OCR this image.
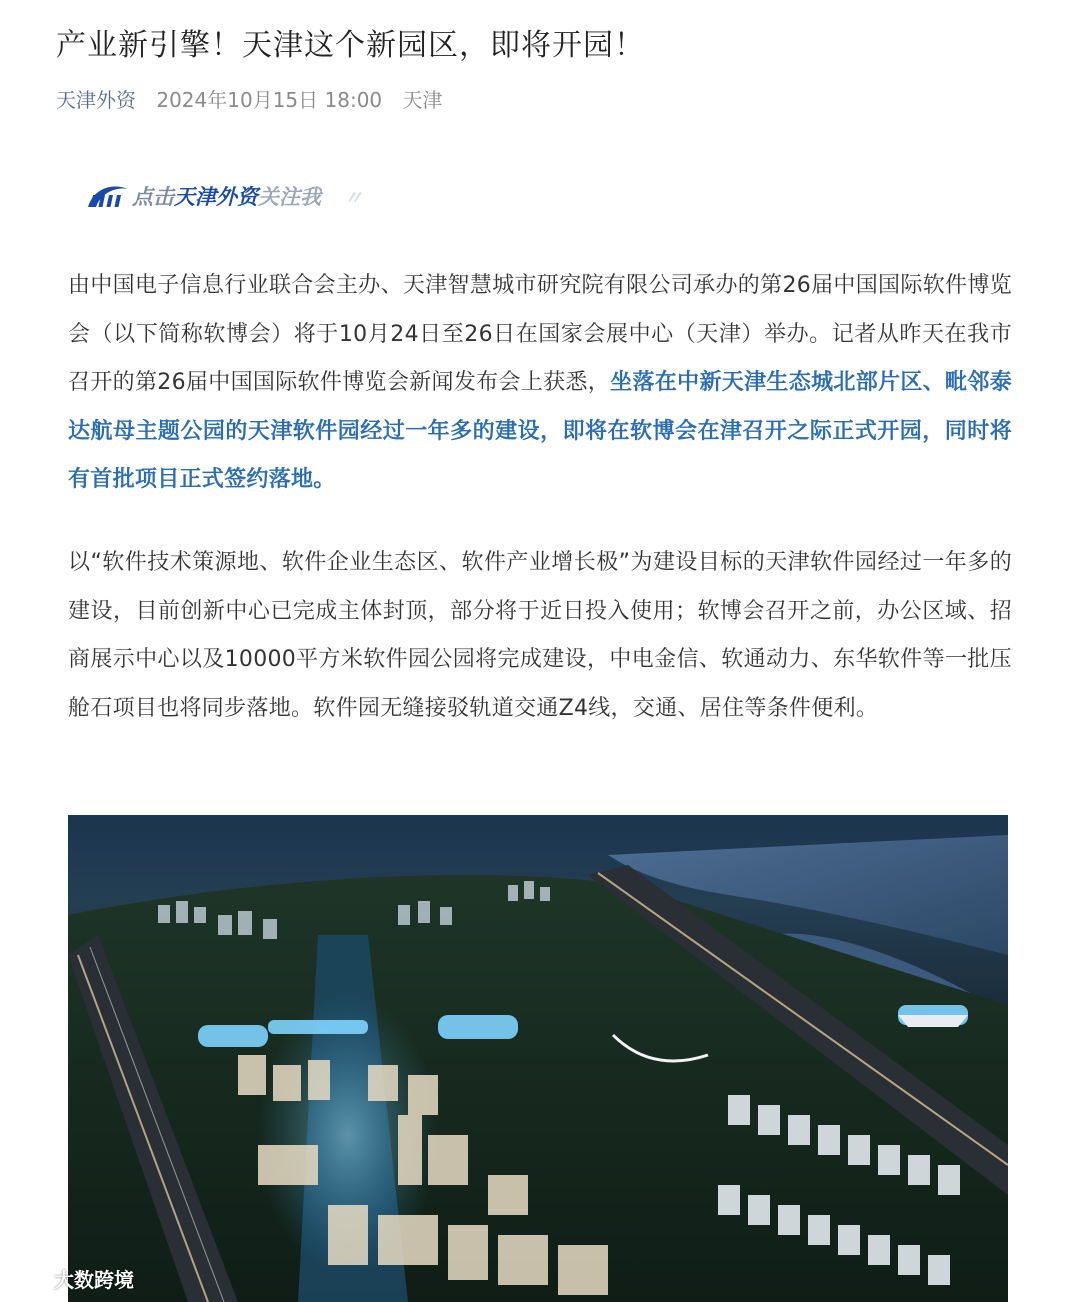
产业新引擎！天津这个新园区，即将开园！
天津外资 2024年10月15日 18:00 天津
点击 天津外资 关注我 〃

由中国电子信息行业联合会主办、天津智慧城市研究院有限公司承办的第26届中国国际软件博览会（以下简称软博会）将于10月24日至26日在国家会展中心（天津）举办。记者从昨天在我市召开的第26届中国国际软件博览会新闻发布会上获悉，坐落在中新天津生态城北部片区、毗邻泰达航母主题公园的天津软件园经过一年多的建设，即将在软博会在津召开之际正式开园，同时将有首批项目正式签约落地。

以“软件技术策源地、软件企业生态区、软件产业增长极”为建设目标的天津软件园经过一年多的建设，目前创新中心已完成主体封顶，部分将于近日投入使用；软博会召开之前，办公区域、招商展示中心以及10000平方米软件园公园将完成建设，中电金信、软通动力、东华软件等一批压舱石项目也将同步落地。软件园无缝接驳轨道交通Z4线，交通、居住等条件便利。

大数跨境
